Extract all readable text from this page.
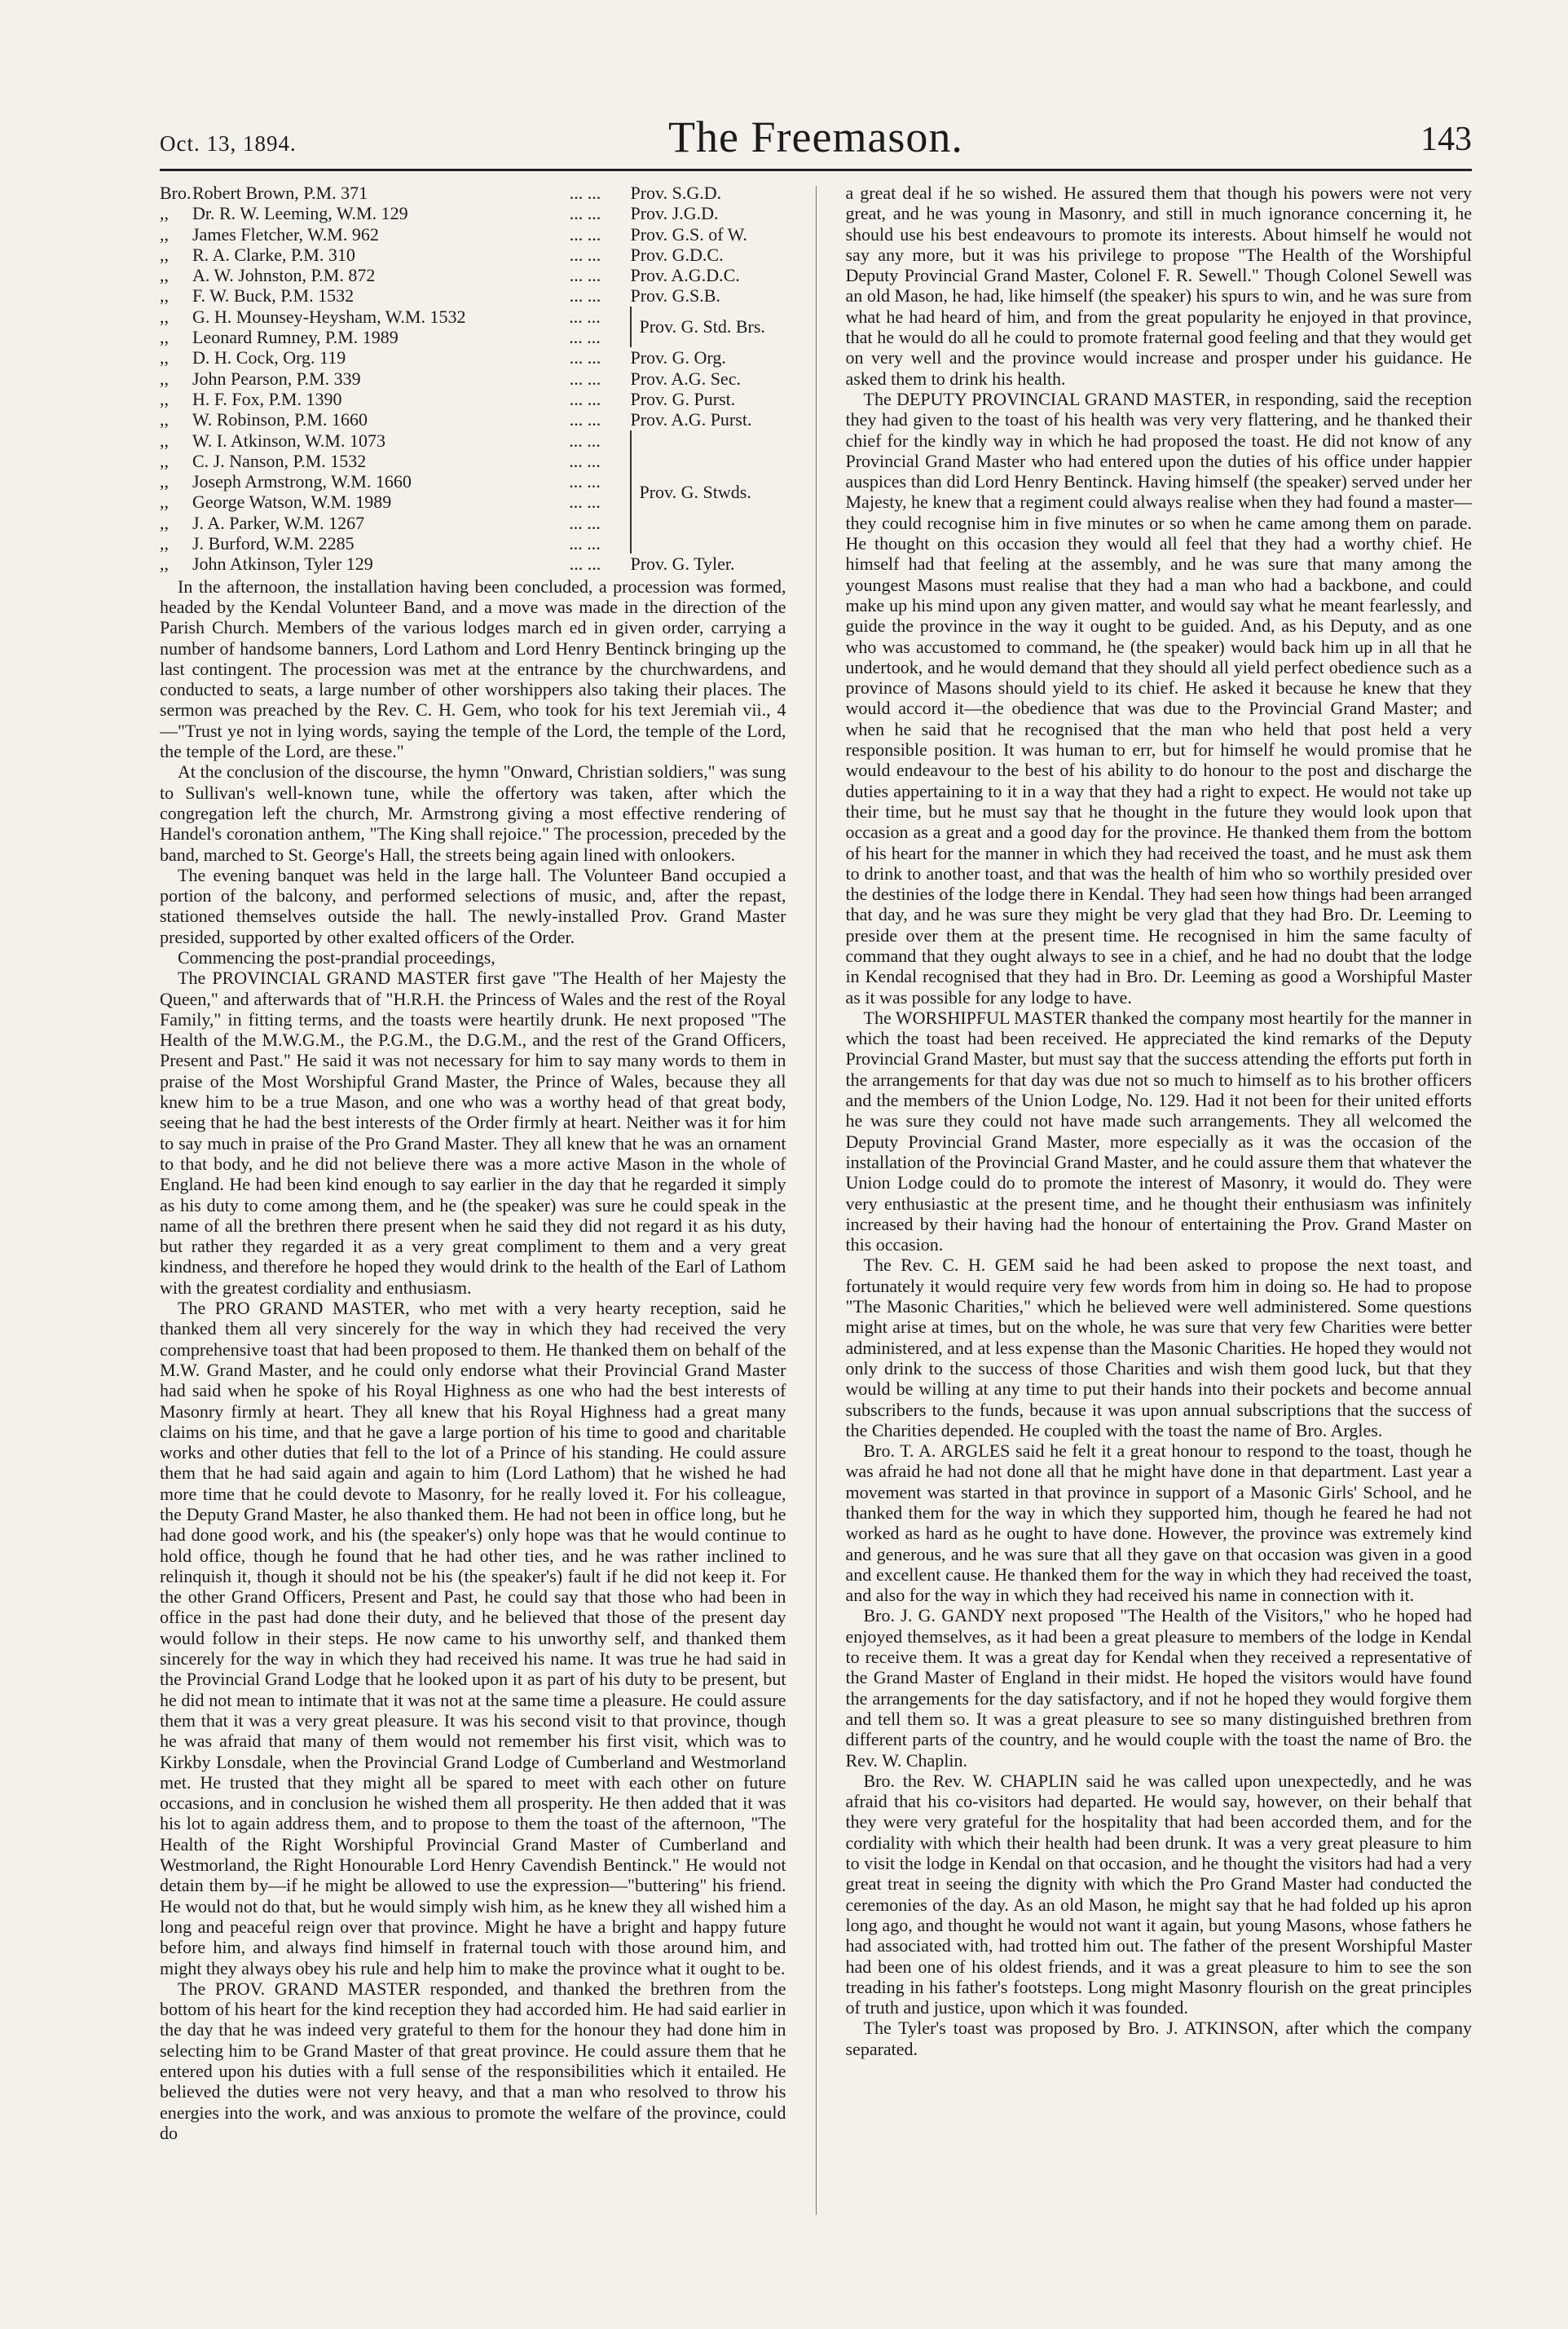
Oct. 13, 1894.	The Freemason.	143
Bro.	Robert Brown, P.M. 371	... ...	Prov. S.G.D.
,,	Dr. R. W. Leeming, W.M. 129	... ...	Prov. J.G.D.
,,	James Fletcher, W.M. 962	... ...	Prov. G.S. of W.
,,	R. A. Clarke, P.M. 310	... ...	Prov. G.D.C.
,,	A. W. Johnston, P.M. 872	... ...	Prov. A.G.D.C.
,,	F. W. Buck, P.M. 1532	... ...	Prov. G.S.B.
,,	G. H. Mounsey-Heysham, W.M. 1532	... ...	Prov. G. Std. Brs.
,,	Leonard Rumney, P.M. 1989	... ...	
,,	D. H. Cock, Org. 119	... ...	Prov. G. Org.
,,	John Pearson, P.M. 339	... ...	Prov. A.G. Sec.
,,	H. F. Fox, P.M. 1390	... ...	Prov. G. Purst.
,,	W. Robinson, P.M. 1660	... ...	Prov. A.G. Purst.
,,	W. I. Atkinson, W.M. 1073	... ...	Prov. G. Stwds.
,,	C. J. Nanson, P.M. 1532	... ...	
,,	Joseph Armstrong, W.M. 1660	... ...	
,,	George Watson, W.M. 1989	... ...	
,,	J. A. Parker, W.M. 1267	... ...	
,,	J. Burford, W.M. 2285	... ...	
,,	John Atkinson, Tyler 129	... ...	Prov. G. Tyler.

In the afternoon, the installation having been concluded, a procession was formed, headed by the Kendal Volunteer Band, and a move was made in the direction of the Parish Church. Members of the various lodges march ed in given order, carrying a number of handsome banners, Lord Lathom and Lord Henry Bentinck bringing up the last contingent. The procession was met at the entrance by the churchwardens, and conducted to seats, a large number of other worshippers also taking their places. The sermon was preached by the Rev. C. H. Gem, who took for his text Jeremiah vii., 4—"Trust ye not in lying words, saying the temple of the Lord, the temple of the Lord, the temple of the Lord, are these."

At the conclusion of the discourse, the hymn "Onward, Christian soldiers," was sung to Sullivan's well-known tune, while the offertory was taken, after which the congregation left the church, Mr. Armstrong giving a most effective rendering of Handel's coronation anthem, "The King shall rejoice." The procession, preceded by the band, marched to St. George's Hall, the streets being again lined with onlookers.

The evening banquet was held in the large hall. The Volunteer Band occupied a portion of the balcony, and performed selections of music, and, after the repast, stationed themselves outside the hall. The newly-installed Prov. Grand Master presided, supported by other exalted officers of the Order.

Commencing the post-prandial proceedings,

The PROVINCIAL GRAND MASTER first gave "The Health of her Majesty the Queen," and afterwards that of "H.R.H. the Princess of Wales and the rest of the Royal Family," in fitting terms, and the toasts were heartily drunk. He next proposed "The Health of the M.W.G.M., the P.G.M., the D.G.M., and the rest of the Grand Officers, Present and Past." He said it was not necessary for him to say many words to them in praise of the Most Worshipful Grand Master, the Prince of Wales, because they all knew him to be a true Mason, and one who was a worthy head of that great body, seeing that he had the best interests of the Order firmly at heart. Neither was it for him to say much in praise of the Pro Grand Master. They all knew that he was an ornament to that body, and he did not believe there was a more active Mason in the whole of England. He had been kind enough to say earlier in the day that he regarded it simply as his duty to come among them, and he (the speaker) was sure he could speak in the name of all the brethren there present when he said they did not regard it as his duty, but rather they regarded it as a very great compliment to them and a very great kindness, and therefore he hoped they would drink to the health of the Earl of Lathom with the greatest cordiality and enthusiasm.

The PRO GRAND MASTER, who met with a very hearty reception, said he thanked them all very sincerely for the way in which they had received the very comprehensive toast that had been proposed to them. He thanked them on behalf of the M.W. Grand Master, and he could only endorse what their Provincial Grand Master had said when he spoke of his Royal Highness as one who had the best interests of Masonry firmly at heart. They all knew that his Royal Highness had a great many claims on his time, and that he gave a large portion of his time to good and charitable works and other duties that fell to the lot of a Prince of his standing. He could assure them that he had said again and again to him (Lord Lathom) that he wished he had more time that he could devote to Masonry, for he really loved it. For his colleague, the Deputy Grand Master, he also thanked them. He had not been in office long, but he had done good work, and his (the speaker's) only hope was that he would continue to hold office, though he found that he had other ties, and he was rather inclined to relinquish it, though it should not be his (the speaker's) fault if he did not keep it. For the other Grand Officers, Present and Past, he could say that those who had been in office in the past had done their duty, and he believed that those of the present day would follow in their steps. He now came to his unworthy self, and thanked them sincerely for the way in which they had received his name. It was true he had said in the Provincial Grand Lodge that he looked upon it as part of his duty to be present, but he did not mean to intimate that it was not at the same time a pleasure. He could assure them that it was a very great pleasure. It was his second visit to that province, though he was afraid that many of them would not remember his first visit, which was to Kirkby Lonsdale, when the Provincial Grand Lodge of Cumberland and Westmorland met. He trusted that they might all be spared to meet with each other on future occasions, and in conclusion he wished them all prosperity. He then added that it was his lot to again address them, and to propose to them the toast of the afternoon, "The Health of the Right Worshipful Provincial Grand Master of Cumberland and Westmorland, the Right Honourable Lord Henry Cavendish Bentinck." He would not detain them by—if he might be allowed to use the expression—"buttering" his friend. He would not do that, but he would simply wish him, as he knew they all wished him a long and peaceful reign over that province. Might he have a bright and happy future before him, and always find himself in fraternal touch with those around him, and might they always obey his rule and help him to make the province what it ought to be.

The PROV. GRAND MASTER responded, and thanked the brethren from the bottom of his heart for the kind reception they had accorded him. He had said earlier in the day that he was indeed very grateful to them for the honour they had done him in selecting him to be Grand Master of that great province. He could assure them that he entered upon his duties with a full sense of the responsibilities which it entailed. He believed the duties were not very heavy, and that a man who resolved to throw his energies into the work, and was anxious to promote the welfare of the province, could do

a great deal if he so wished. He assured them that though his powers were not very great, and he was young in Masonry, and still in much ignorance concerning it, he should use his best endeavours to promote its interests. About himself he would not say any more, but it was his privilege to propose "The Health of the Worshipful Deputy Provincial Grand Master, Colonel F. R. Sewell." Though Colonel Sewell was an old Mason, he had, like himself (the speaker) his spurs to win, and he was sure from what he had heard of him, and from the great popularity he enjoyed in that province, that he would do all he could to promote fraternal good feeling and that they would get on very well and the province would increase and prosper under his guidance. He asked them to drink his health.

The DEPUTY PROVINCIAL GRAND MASTER, in responding, said the reception they had given to the toast of his health was very very flattering, and he thanked their chief for the kindly way in which he had proposed the toast. He did not know of any Provincial Grand Master who had entered upon the duties of his office under happier auspices than did Lord Henry Bentinck. Having himself (the speaker) served under her Majesty, he knew that a regiment could always realise when they had found a master—they could recognise him in five minutes or so when he came among them on parade. He thought on this occasion they would all feel that they had a worthy chief. He himself had that feeling at the assembly, and he was sure that many among the youngest Masons must realise that they had a man who had a backbone, and could make up his mind upon any given matter, and would say what he meant fearlessly, and guide the province in the way it ought to be guided. And, as his Deputy, and as one who was accustomed to command, he (the speaker) would back him up in all that he undertook, and he would demand that they should all yield perfect obedience such as a province of Masons should yield to its chief. He asked it because he knew that they would accord it—the obedience that was due to the Provincial Grand Master; and when he said that he recognised that the man who held that post held a very responsible position. It was human to err, but for himself he would promise that he would endeavour to the best of his ability to do honour to the post and discharge the duties appertaining to it in a way that they had a right to expect. He would not take up their time, but he must say that he thought in the future they would look upon that occasion as a great and a good day for the province. He thanked them from the bottom of his heart for the manner in which they had received the toast, and he must ask them to drink to another toast, and that was the health of him who so worthily presided over the destinies of the lodge there in Kendal. They had seen how things had been arranged that day, and he was sure they might be very glad that they had Bro. Dr. Leeming to preside over them at the present time. He recognised in him the same faculty of command that they ought always to see in a chief, and he had no doubt that the lodge in Kendal recognised that they had in Bro. Dr. Leeming as good a Worshipful Master as it was possible for any lodge to have.

The WORSHIPFUL MASTER thanked the company most heartily for the manner in which the toast had been received. He appreciated the kind remarks of the Deputy Provincial Grand Master, but must say that the success attending the efforts put forth in the arrangements for that day was due not so much to himself as to his brother officers and the members of the Union Lodge, No. 129. Had it not been for their united efforts he was sure they could not have made such arrangements. They all welcomed the Deputy Provincial Grand Master, more especially as it was the occasion of the installation of the Provincial Grand Master, and he could assure them that whatever the Union Lodge could do to promote the interest of Masonry, it would do. They were very enthusiastic at the present time, and he thought their enthusiasm was infinitely increased by their having had the honour of entertaining the Prov. Grand Master on this occasion.

The Rev. C. H. GEM said he had been asked to propose the next toast, and fortunately it would require very few words from him in doing so. He had to propose "The Masonic Charities," which he believed were well administered. Some questions might arise at times, but on the whole, he was sure that very few Charities were better administered, and at less expense than the Masonic Charities. He hoped they would not only drink to the success of those Charities and wish them good luck, but that they would be willing at any time to put their hands into their pockets and become annual subscribers to the funds, because it was upon annual subscriptions that the success of the Charities depended. He coupled with the toast the name of Bro. Argles.

Bro. T. A. ARGLES said he felt it a great honour to respond to the toast, though he was afraid he had not done all that he might have done in that department. Last year a movement was started in that province in support of a Masonic Girls' School, and he thanked them for the way in which they supported him, though he feared he had not worked as hard as he ought to have done. However, the province was extremely kind and generous, and he was sure that all they gave on that occasion was given in a good and excellent cause. He thanked them for the way in which they had received the toast, and also for the way in which they had received his name in connection with it.

Bro. J. G. GANDY next proposed "The Health of the Visitors," who he hoped had enjoyed themselves, as it had been a great pleasure to members of the lodge in Kendal to receive them. It was a great day for Kendal when they received a representative of the Grand Master of England in their midst. He hoped the visitors would have found the arrangements for the day satisfactory, and if not he hoped they would forgive them and tell them so. It was a great pleasure to see so many distinguished brethren from different parts of the country, and he would couple with the toast the name of Bro. the Rev. W. Chaplin.

Bro. the Rev. W. CHAPLIN said he was called upon unexpectedly, and he was afraid that his co-visitors had departed. He would say, however, on their behalf that they were very grateful for the hospitality that had been accorded them, and for the cordiality with which their health had been drunk. It was a very great pleasure to him to visit the lodge in Kendal on that occasion, and he thought the visitors had had a very great treat in seeing the dignity with which the Pro Grand Master had conducted the ceremonies of the day. As an old Mason, he might say that he had folded up his apron long ago, and thought he would not want it again, but young Masons, whose fathers he had associated with, had trotted him out. The father of the present Worshipful Master had been one of his oldest friends, and it was a great pleasure to him to see the son treading in his father's footsteps. Long might Masonry flourish on the great principles of truth and justice, upon which it was founded.

The Tyler's toast was proposed by Bro. J. ATKINSON, after which the company separated.
